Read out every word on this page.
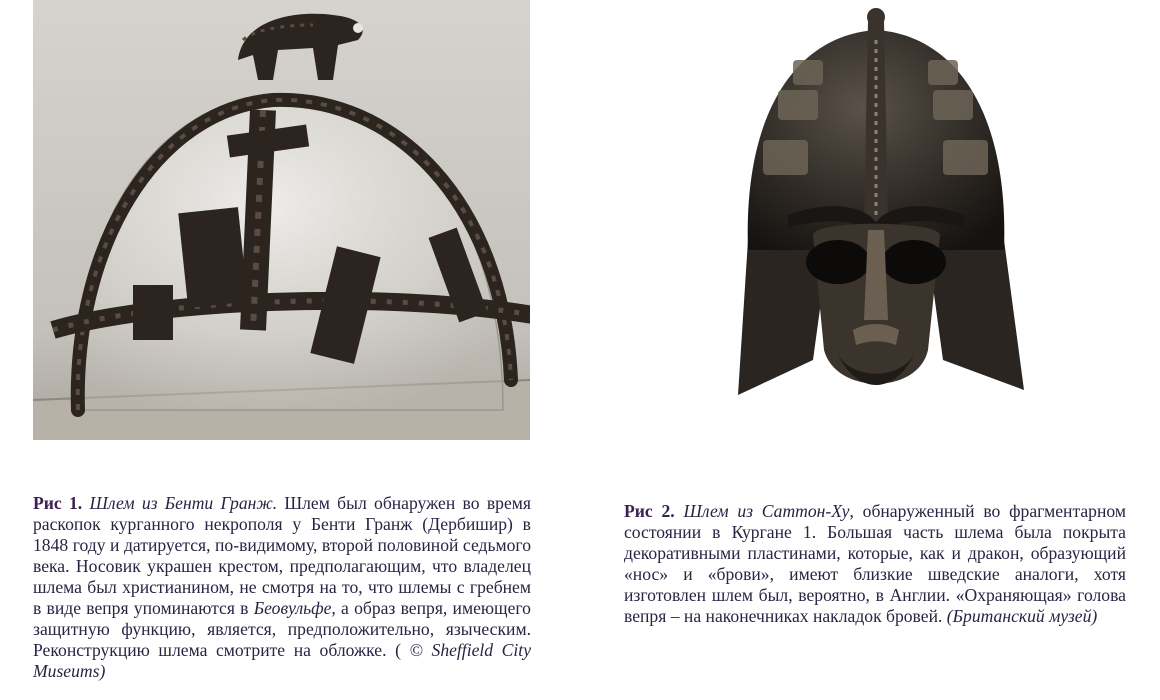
Рис 1. Шлем из Бенти Гранж. Шлем был обнаружен во время раскопок курганного некрополя у Бенти Гранж (Дербишир) в 1848 году и датируется, по-видимому, второй половиной седьмого века. Носовик украшен крестом, предполагающим, что владелец шлема был христианином, не смотря на то, что шлемы с гребнем в виде вепря упоминаются в Беовульфе, а образ вепря, имеющего защитную функцию, является, предположительно, языческим. Реконструкцию шлема смотрите на обложке. ( © Sheffield City Museums)
Рис 2. Шлем из Саттон-Ху, обнаруженный во фрагментарном состоянии в Кургане 1. Большая часть шлема была покрыта декоративными пластинами, которые, как и дракон, образующий «нос» и «брови», имеют близкие шведские аналоги, хотя изготовлен шлем был, вероятно, в Англии. «Охраняющая» голова вепря – на наконечниках накладок бровей. (Британский музей)
